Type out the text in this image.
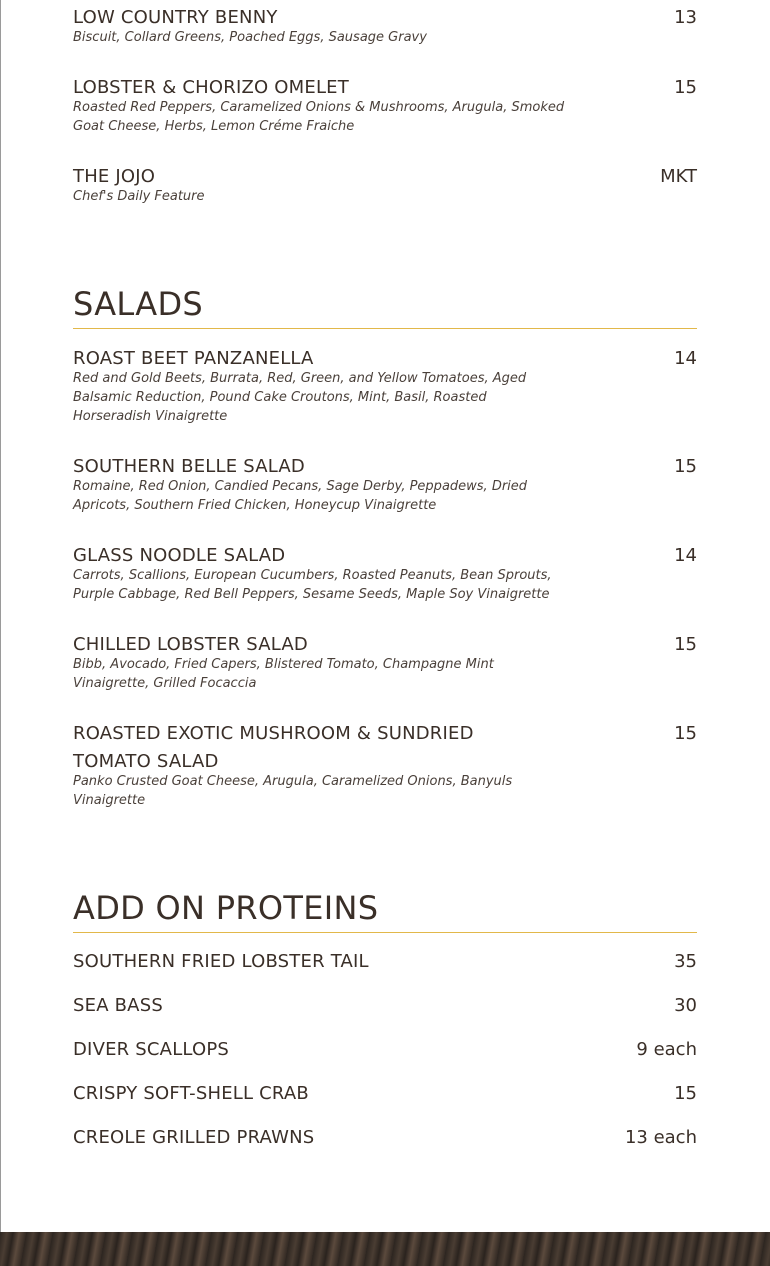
LOW COUNTRY BENNY	13
Biscuit, Collard Greens, Poached Eggs, Sausage Gravy
LOBSTER & CHORIZO OMELET	15
Roasted Red Peppers, Caramelized Onions & Mushrooms, Arugula, Smoked Goat Cheese, Herbs, Lemon Créme Fraiche
THE JOJO	MKT
Chef's Daily Feature
SALADS
ROAST BEET PANZANELLA	14
Red and Gold Beets, Burrata, Red, Green, and Yellow Tomatoes, Aged Balsamic Reduction, Pound Cake Croutons, Mint, Basil, Roasted Horseradish Vinaigrette
SOUTHERN BELLE SALAD	15
Romaine, Red Onion, Candied Pecans, Sage Derby, Peppadews, Dried Apricots, Southern Fried Chicken, Honeycup Vinaigrette
GLASS NOODLE SALAD	14
Carrots, Scallions, European Cucumbers, Roasted Peanuts, Bean Sprouts, Purple Cabbage, Red Bell Peppers, Sesame Seeds, Maple Soy Vinaigrette
CHILLED LOBSTER SALAD	15
Bibb, Avocado, Fried Capers, Blistered Tomato, Champagne Mint Vinaigrette, Grilled Focaccia
ROASTED EXOTIC MUSHROOM & SUNDRIED TOMATO SALAD
15
Panko Crusted Goat Cheese, Arugula, Caramelized Onions, Banyuls Vinaigrette
ADD ON PROTEINS
SOUTHERN FRIED LOBSTER TAIL	35
SEA BASS	30
DIVER SCALLOPS	9 each
CRISPY SOFT-SHELL CRAB	15
CREOLE GRILLED PRAWNS	13 each
